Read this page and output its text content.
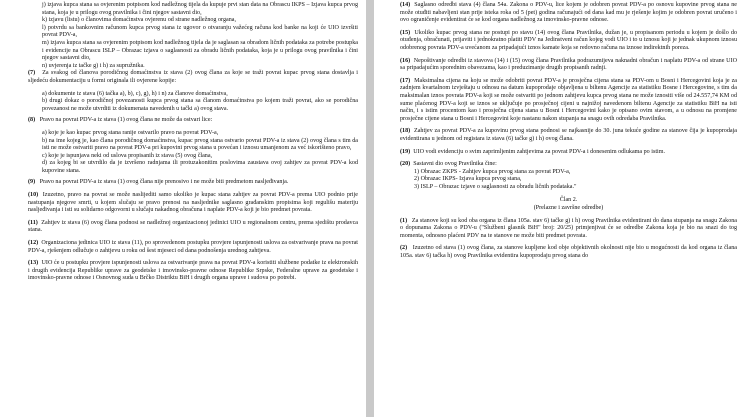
j) izjava kupca stana sa ovjerenim potpisom kod nadležnog tijela da kupuje prvi stan data na Obrascu IKPS – Izjava kupca prvog stana, koja je u prilogu ovog pravilnika i čini njegov sastavni dio,

k) izjavu (listu) o članovima domaćinstva ovjerenu od strane nadležnog organa,

l) potvrdu sa bankovnim računom kupca prvog stana iz ugovor o otvaranju važećeg računa kod banke na koji će UIO izvršiti povrat PDV-a,

m) izjava kupca stana sa ovjerenim potpisom kod nadležnog tijela da je saglasan sa obradom ličnih podataka za potrebe postupka i evidencije na Obrascu ISLP – Obrazac izjava o saglasnosti za obradu ličnih podataka, koja je u prilogu ovog pravilnika i čini njegov sastavni dio,

n) uvjerenja iz tačke g) i h) za supružnika.

(7) Za svakog od članova porodičnog domaćinstva iz stava (2) ovog člana za koje se traži povrat kupac prvog stana dostavlja i sljedeću dokumentaciju u formi originala ili ovjerene kopije:

a) dokumente iz stava (6) tačka a), b), c), g), h) i n) za članove domaćinstva,

b) drugi dokaz o porodičnoj povezanosti kupca prvog stana sa članom domaćinstva po kojem traži povrat, ako se porodična povezanost ne može utvrditi iz dokumenata navedenih u tački a) ovog stava.

(8) Pravo na povrat PDV-a iz stava (1) ovog člana ne može da ostvari lice:

a) koje je kao kupac prvog stana ranije ostvarilo pravo na povrat PDV-a,

b) na ime kojeg je, kao člana porodičnog domaćinstva, kupac prvog stana ostvario povrat PDV-a iz stava (2) ovog člana s tim da isti ne može ostvariti pravo na povrat PDV-a pri kupovini prvog stana u povećan i iznosu umanjenom za već iskorišteno pravo,

c) koje je ispunjava neki od uslova propisanih iz stava (5) ovog člana,

d) za kojeg bi se utvrdilo da je izvršeno radnjama ili protuzakonitim poslovima zaustava ovoj zahtjev za povrat PDV-a kod kupovine stana.

(9) Pravo na povrat PDV-a iz stava (1) ovog člana nije prenosivo i ne može biti predmetom nasljeđivanja.

(10) Izuzetno, pravo na povrat se može naslijediti samo ukoliko je kupac stana zahtjev za povrat PDV-a prema UIO podnio prije nastupanja njegove smrti, u kojem slučaju se pravo prenosi na nasljednike saglasno građanskim propisima koji regulišu materiju nasljeđivanja i isti su solidarno odgovorni u slučaju nakadnog obračuna i naplate PDV-a koji je bio predmet povrata.

(11) Zahtjev iz stava (6) ovog člana podnosi se nadležnoj organizacionoj jedinici UIO u regionalnom centru, prema sjedištu prodavca stana.

(12) Organizaciona jedinica UIO iz stava (11), po sprovedenom postupku provjere ispunjenosti uslova za ostvarivanje prava na povrat PDV-a, rješenjem odlučuje o zahtjevu u roku od šest mjeseci od dana podnošenja urednog zahtjeva.

(13) UIO će u postupku provjere ispunjenosti uslova za ostvarivanje prava na povrat PDV-a koristiti službene podatke iz elektronskih i drugih evidencija Republike uprave za geodetske i imovinsko-pravne odnose Republike Srpske, Federalne uprave za geodetske i imovinsko-pravne odnose i Osnovnog suda u Brčko Distriktu BiH i drugih organa uprave i sudova po potrebi.

(14) Saglasno odredbi stava (4) člana 54a. Zakona o PDV-u, lice kojem je odobren povrat PDV-a po osnovu kupovine prvog stana ne može otuđiti nabavljeni stan prije isteka roka od 5 (pet) godina računajući od dana kad mu je rješenje kojim je odobren povrat uručeno i ovo ograničenje evidentirat će se kod organa nadležnog za imovinsko-pravne odnose.

(15) Ukoliko kupac prvog stana ne postupi po stavu (14) ovog člana Pravilnika, dužan je, u propisanom periodu u kojem je došlo do otuđenja, obračunati, prijaviti i jednokratno platiti PDV na Jedinstveni račun kojeg vodi UIO i to u iznosu koji je jednak ukupnom iznosu odobrenog povrata PDV-a uvećanom za pripadajući iznos kamate koja se redovno računa na iznose indirektnih poreza.

(16) Nepoštivanje odredbi iz stavova (14) i (15) ovog člana Pravilnika podrazumijeva naknadni obračun i naplatu PDV-a od strane UIO sa pripadajućim sporednim obavezama, kao i preduzimanje drugih propisanih radnji.

(17) Maksimalna cijena na koju se može odobriti povrat PDV-a je prosječna cijena stana sa PDV-om u Bosni i Hercegovini koja je za zadnjem kvartalnom izvještaju u odnosu na datum kupoprodaje objavljena u biltenu Agencije za statistiku Bosne i Hercegovine, s tim da maksimalan iznos povrata PDV-a koji se može ostvariti po jednom zahtjevu kupca prvog stana ne može iznositi više od 24.557,74 KM od sume plaćenog PDV-a koji se iznos se uključuje po prosječnoj cijeni u najnižoj navedenom biltenu Agencije za statistiku BiH na isti način, i s istim procentom kao i prosječna cijena stana u Bosni i Hercegovini kako je opisano ovim stavom, a u odnosu na promjene prosječne cijene stana u Bosni i Hercegovini koje nastanu nakon stupanja na snagu ovih odredaba Pravilnika.

(18) Zahtjev za povrat PDV-a za kupovinu prvog stana podnosi se najkasnije do 30. juna tekuće godine za stanove čija je kupoprodaja evidentirana u jednom od registara iz stava (6) tačke g) i h) ovog člana.

(19) UIO vodi evidenciju o svim zaprimljenim zahtjevima za povrat PDV-a i donesenim odlukama po istim.

(20) Sastavni dio ovog Pravilnika čine:

1) Obrazac ZKPS - Zahtjev kupca prvog stana za povrat PDV-a,

2) Obrazac IKPS- Izjava kupca prvog stana,

3) ISLP – Obrazac izjave o saglasnosti za obradu ličnih podataka."

Član 2.

(Prelazne i završne odredbe)

(1) Za stanove koji su kod oba organa iz člana 105a. stav 6) tačke g) i h) ovog Pravilnika evidentirani do dana stupanja na snagu Zakona o dopunama Zakona o PDV-u ("Službeni glasnik BiH" broj: 20/25) primjenjivat će se odredbe Zakona koja je bio na snazi do tog momenta, odnosno plaćeni PDV na te stanove ne može biti predmet povrata.

(2) Izuzetno od stava (1) ovog člana, za stanove kupljene kod obje objektivnih okolnosti nije bio u mogućnosti da kod organa iz člana 105a. stav 6) tačka h) ovog Pravilnika evidentira kupoprodaju prvog stana do
